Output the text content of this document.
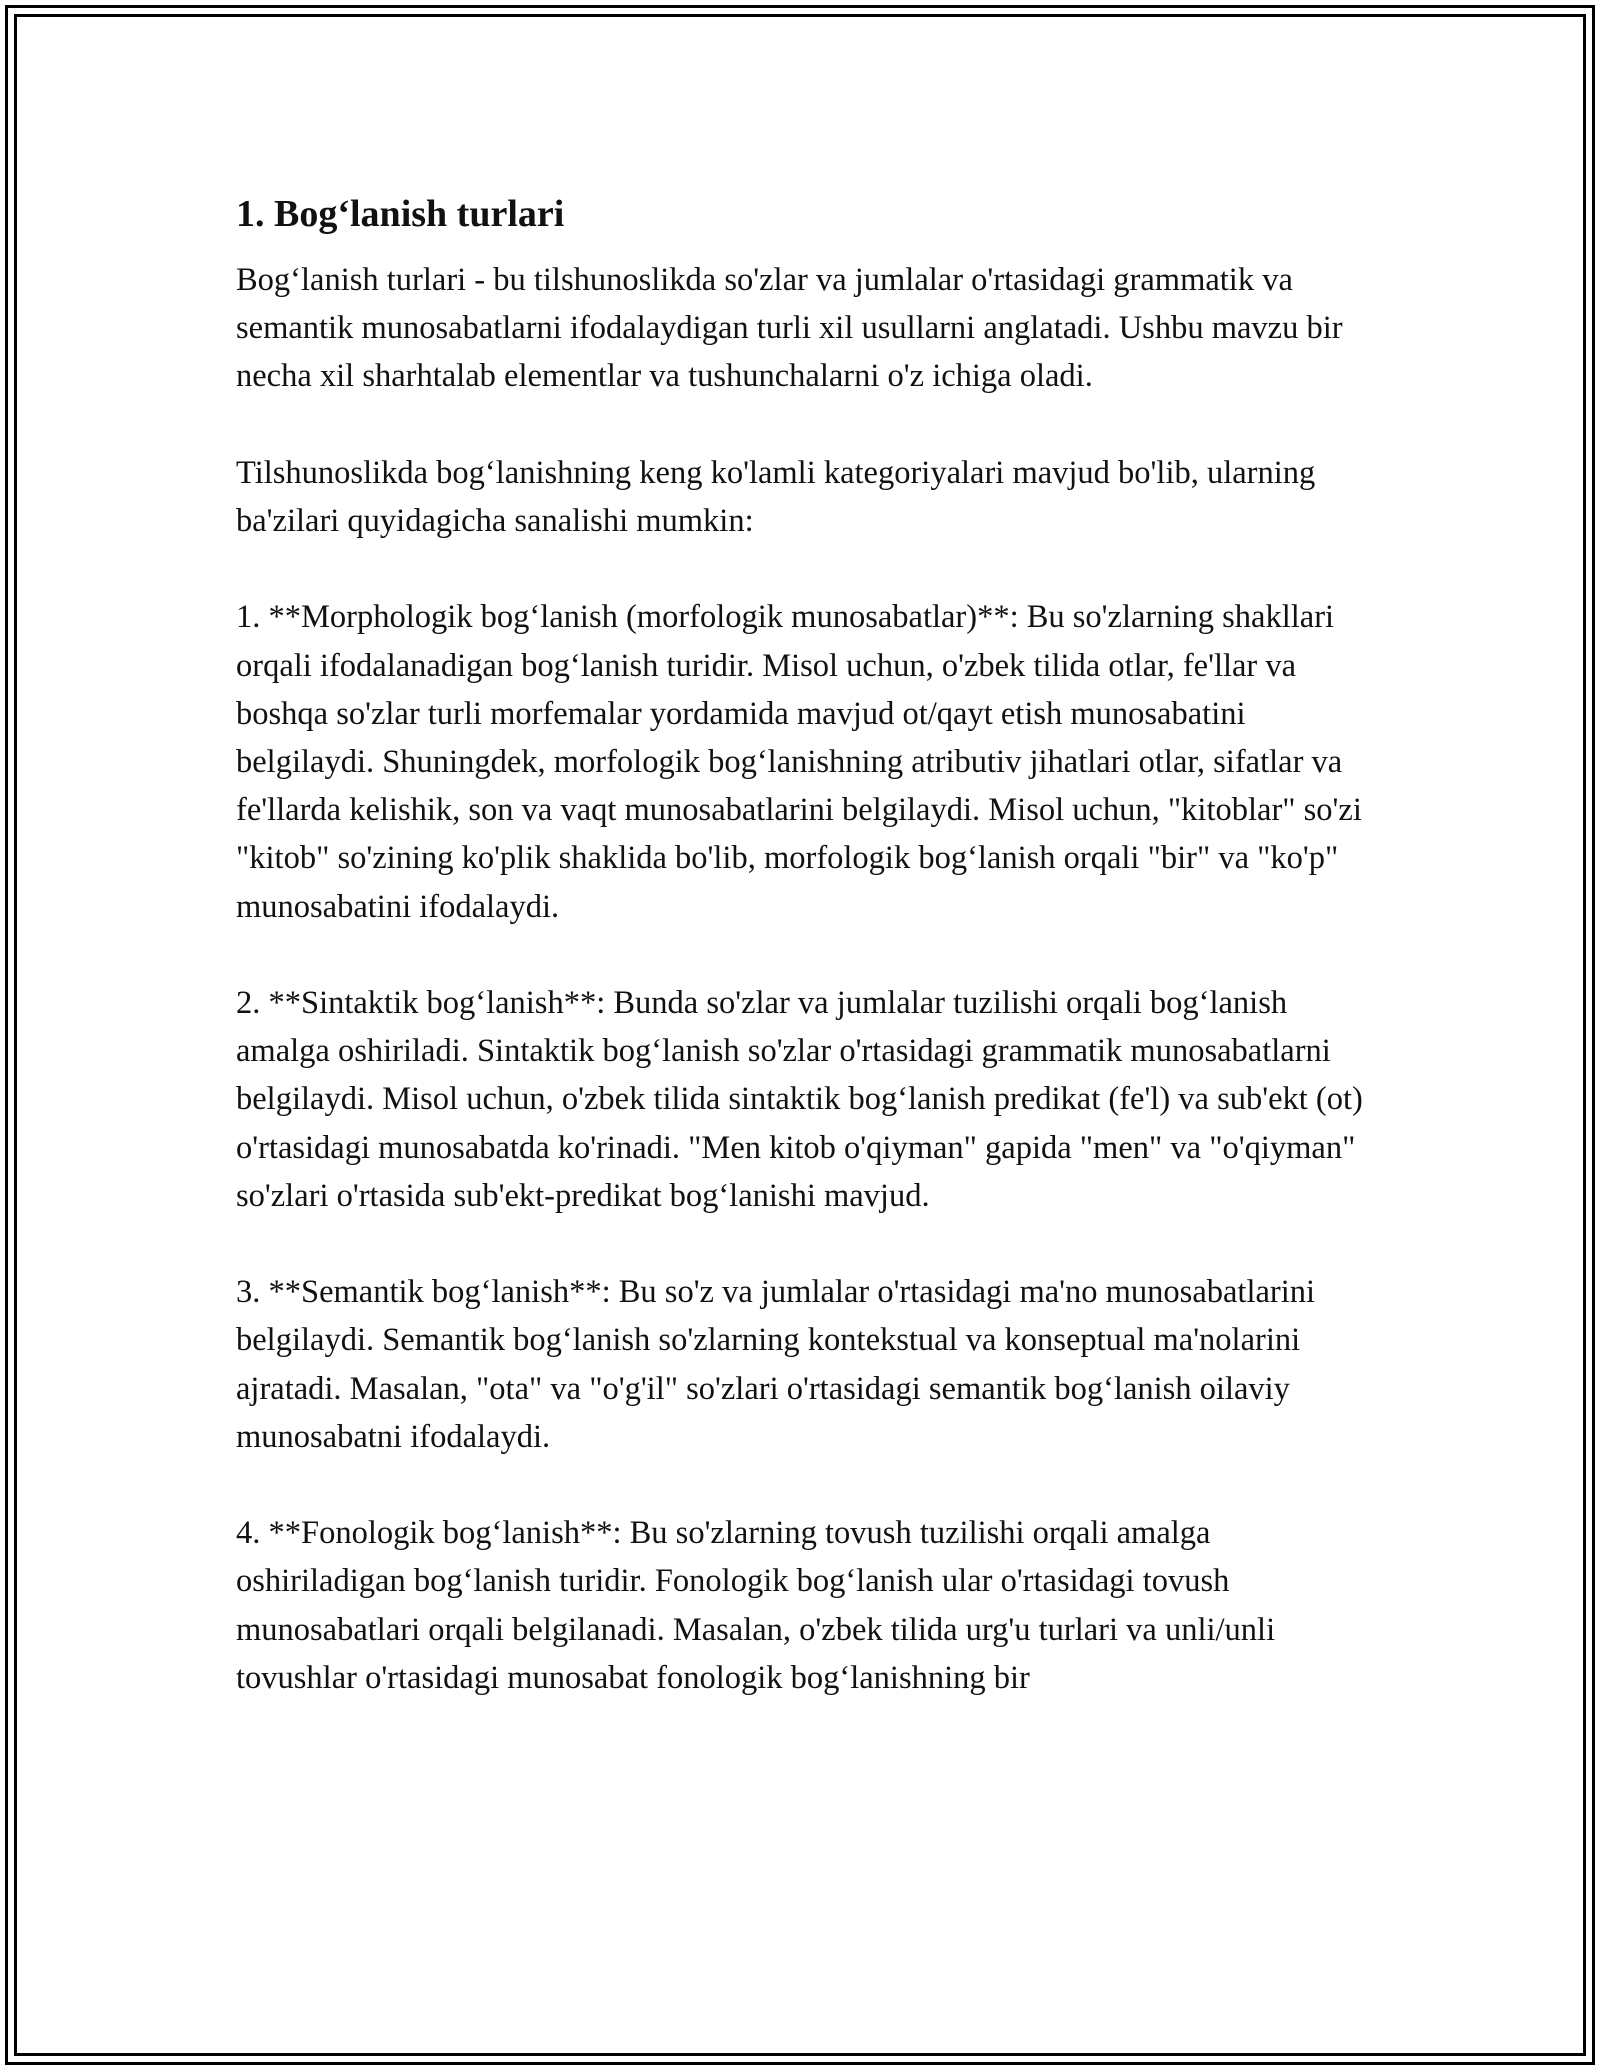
1. Bog‘lanish turlari

Bog‘lanish turlari - bu tilshunoslikda so'zlar va jumlalar o'rtasidagi grammatik va semantik munosabatlarni ifodalaydigan turli xil usullarni anglatadi. Ushbu mavzu bir necha xil sharhtalab elementlar va tushunchalarni o'z ichiga oladi.

Tilshunoslikda bog‘lanishning keng ko'lamli kategoriyalari mavjud bo'lib, ularning ba'zilari quyidagicha sanalishi mumkin:

1. **Morphologik bog‘lanish (morfologik munosabatlar)**: Bu so'zlarning shakllari orqali ifodalanadigan bog‘lanish turidir. Misol uchun, o'zbek tilida otlar, fe'llar va boshqa so'zlar turli morfemalar yordamida mavjud ot/qayt etish munosabatini belgilaydi. Shuningdek, morfologik bog‘lanishning atributiv jihatlari otlar, sifatlar va fe'llarda kelishik, son va vaqt munosabatlarini belgilaydi. Misol uchun, "kitoblar" so'zi "kitob" so'zining ko'plik shaklida bo'lib, morfologik bog‘lanish orqali "bir" va "ko'p" munosabatini ifodalaydi.

2. **Sintaktik bog‘lanish**: Bunda so'zlar va jumlalar tuzilishi orqali bog‘lanish amalga oshiriladi. Sintaktik bog‘lanish so'zlar o'rtasidagi grammatik munosabatlarni belgilaydi. Misol uchun, o'zbek tilida sintaktik bog‘lanish predikat (fe'l) va sub'ekt (ot) o'rtasidagi munosabatda ko'rinadi. "Men kitob o'qiyman" gapida "men" va "o'qiyman" so'zlari o'rtasida sub'ekt-predikat bog‘lanishi mavjud.

3. **Semantik bog‘lanish**: Bu so'z va jumlalar o'rtasidagi ma'no munosabatlarini belgilaydi. Semantik bog‘lanish so'zlarning kontekstual va konseptual ma'nolarini ajratadi. Masalan, "ota" va "o'g'il" so'zlari o'rtasidagi semantik bog‘lanish oilaviy munosabatni ifodalaydi.

4. **Fonologik bog‘lanish**: Bu so'zlarning tovush tuzilishi orqali amalga oshiriladigan bog‘lanish turidir. Fonologik bog‘lanish ular o'rtasidagi tovush munosabatlari orqali belgilanadi. Masalan, o'zbek tilida urg'u turlari va unli/unli tovushlar o'rtasidagi munosabat fonologik bog‘lanishning bir
